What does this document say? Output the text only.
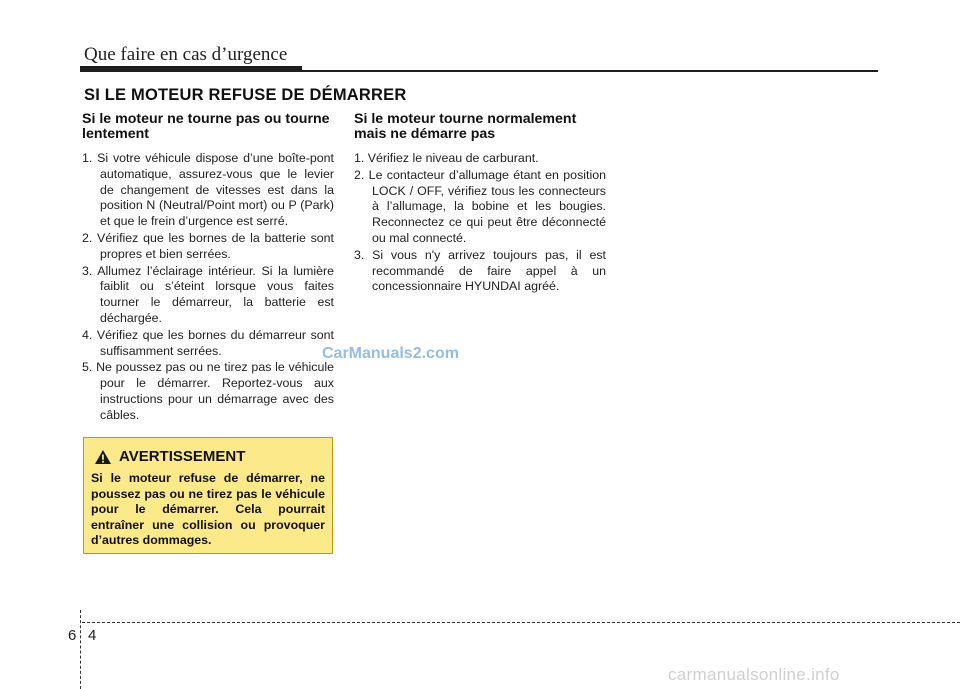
Que faire en cas d’urgence
SI LE MOTEUR REFUSE DE DÉMARRER
Si le moteur ne tourne pas ou tourne lentement
1. Si votre véhicule dispose d’une boîte-pont automatique, assurez-vous que le levier de changement de vitesses est dans la position N (Neutral/Point mort) ou P (Park) et que le frein d’urgence est serré.
2. Vérifiez que les bornes de la batterie sont propres et bien serrées.
3. Allumez l’éclairage intérieur. Si la lumière faiblit ou s’éteint lorsque vous faites tourner le démarreur, la batterie est déchargée.
4. Vérifiez que les bornes du démarreur sont suffisamment serrées.
5. Ne poussez pas ou ne tirez pas le véhicule pour le démarrer. Reportez-vous aux instructions pour un démarrage avec des câbles.
Si le moteur tourne normalement mais ne démarre pas
1. Vérifiez le niveau de carburant.
2. Le contacteur d’allumage étant en position LOCK / OFF, vérifiez tous les connecteurs à l’allumage, la bobine et les bougies. Reconnectez ce qui peut être déconnecté ou mal connecté.
3. Si vous n'y arrivez toujours pas, il est recommandé de faire appel à un concessionnaire HYUNDAI agréé.
CarManuals2.com
AVERTISSEMENT
Si le moteur refuse de démarrer, ne poussez pas ou ne tirez pas le véhicule pour le démarrer. Cela pourrait entraîner une collision ou provoquer d’autres dommages.
6 4
carmanualsonline.info
